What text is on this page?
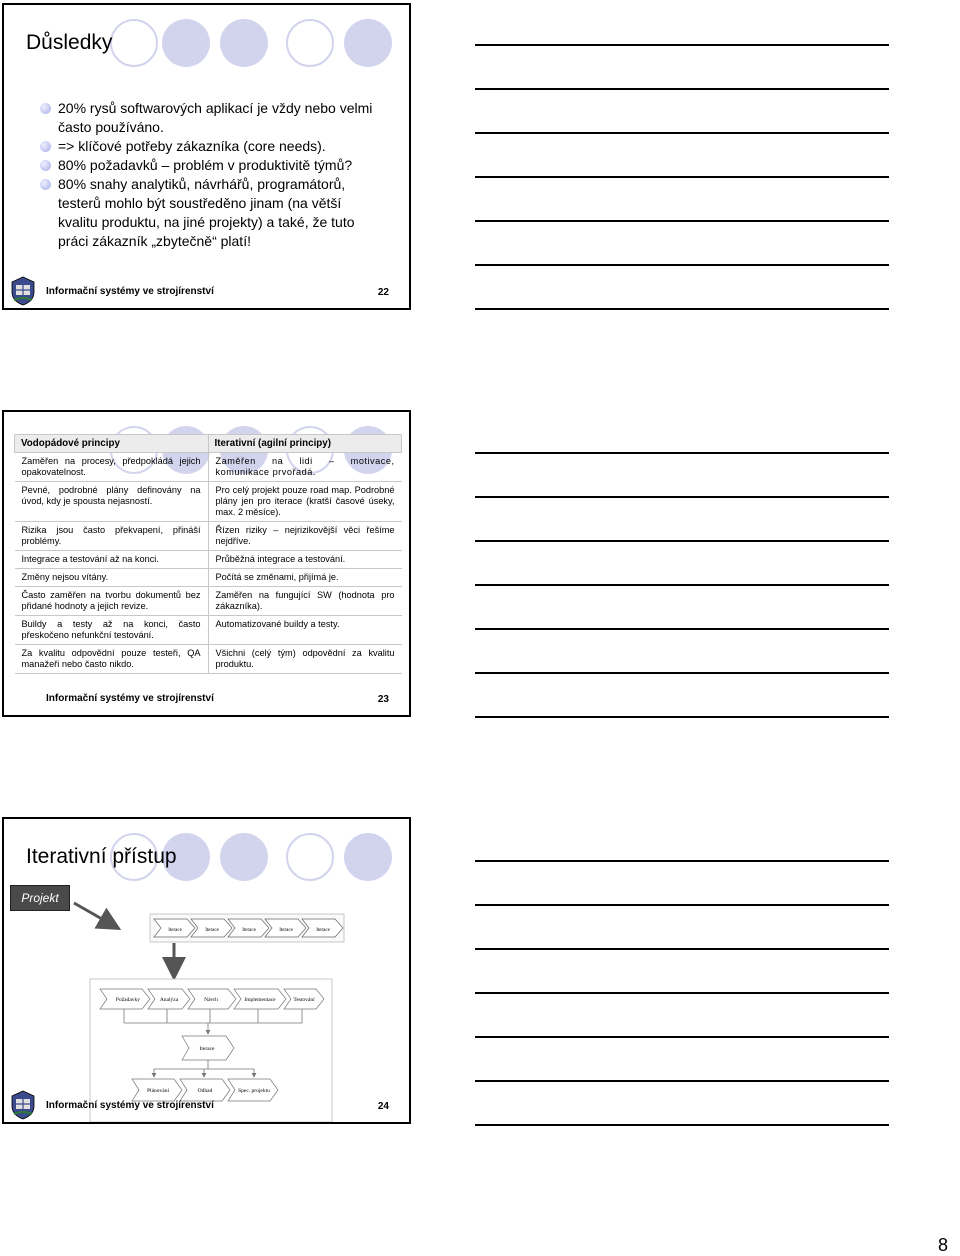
Důsledky
20% rysů softwarových aplikací je vždy nebo velmi často používáno.
=> klíčové potřeby zákazníka (core needs).
80% požadavků – problém v produktivitě týmů?
80% snahy analytiků, návrhářů, programátorů, testerů mohlo být soustředěno jinam (na větší kvalitu produktu, na jiné projekty) a také, že tuto práci zákazník „zbytečně“ platí!
Informační systémy ve strojírenství	22
Vodopádové principy	Iterativní (agilní principy)
Zaměřen na procesy, předpokládá jejich opakovatelnost.	Zaměřen na lidi – motivace, komunikace prvořadá.
Pevné, podrobné plány definovány na úvod, kdy je spousta nejasností.	Pro celý projekt pouze road map. Podrobné plány jen pro iterace (kratší časové úseky, max. 2 měsíce).
Rizika jsou často překvapení, přináší problémy.	Řízen riziky – nejrizikovější věci řešíme nejdříve.
Integrace a testování až na konci.	Průběžná integrace a testování.
Změny nejsou vítány.	Počítá se změnami, přijímá je.
Často zaměřen na tvorbu dokumentů bez přidané hodnoty a jejich revize.	Zaměřen na fungující SW (hodnota pro zákazníka).
Buildy a testy až na konci, často přeskočeno nefunkční testování.	Automatizované buildy a testy.
Za kvalitu odpovědní pouze testeři, QA manažeři nebo často nikdo.	Všichni (celý tým) odpovědní za kvalitu produktu.
Informační systémy ve strojírenství	23
Iterativní přístup
Projekt
Iterace	Iterace	Iterace	Iterace	Iterace
Požadavky	Analýza	Návrh	Implementace	Testování
Iterace
Plánování	Odhad	Spec. projektu
Informační systémy ve strojírenství	24
8
